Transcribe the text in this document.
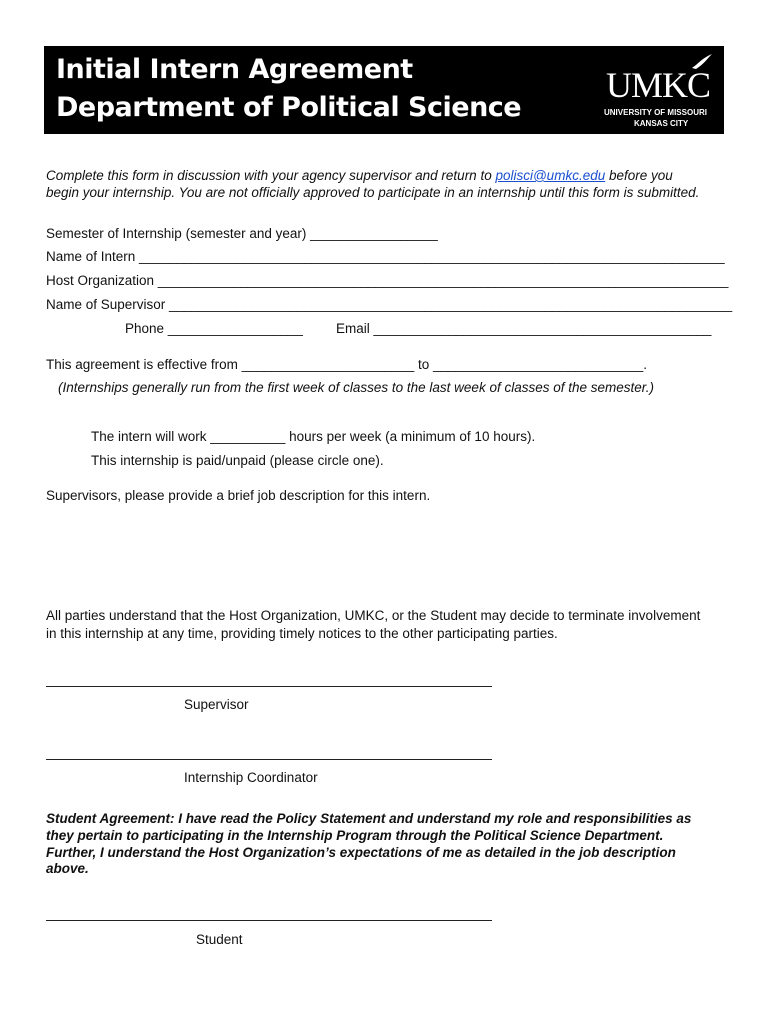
Initial Intern Agreement
Department of Political Science
UMKC
UNIVERSITY OF MISSOURI
KANSAS CITY
Complete this form in discussion with your agency supervisor and return to polisci@umkc.edu before you
begin your internship. You are not officially approved to participate in an internship until this form is submitted.
Semester of Internship (semester and year) _________________
Name of Intern ______________________________________________________________________________
Host Organization ____________________________________________________________________________
Name of Supervisor ___________________________________________________________________________
Phone __________________ Email _____________________________________________
This agreement is effective from _______________________ to ____________________________.
(Internships generally run from the first week of classes to the last week of classes of the semester.)
The intern will work __________ hours per week (a minimum of 10 hours).
This internship is paid/unpaid (please circle one).
Supervisors, please provide a brief job description for this intern.
All parties understand that the Host Organization, UMKC, or the Student may decide to terminate involvement
in this internship at any time, providing timely notices to the other participating parties.
Supervisor
Internship Coordinator
Student Agreement: I have read the Policy Statement and understand my role and responsibilities as
they pertain to participating in the Internship Program through the Political Science Department.
Further, I understand the Host Organization’s expectations of me as detailed in the job description
above.
Student
